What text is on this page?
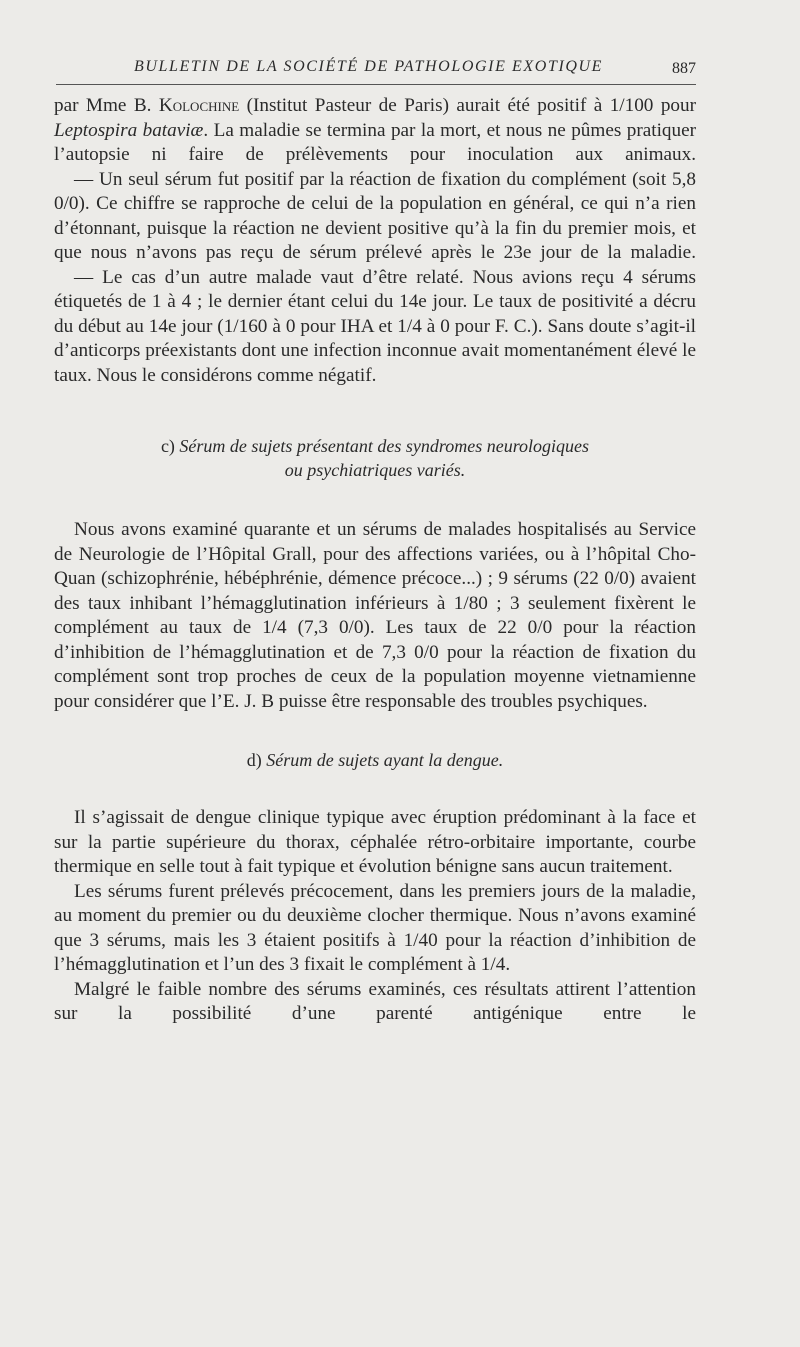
BULLETIN DE LA SOCIÉTÉ DE PATHOLOGIE EXOTIQUE	887

par Mme B. Kolochine (Institut Pasteur de Paris) aurait été positif à 1/100 pour Leptospira bataviæ. La maladie se termina par la mort, et nous ne pûmes pratiquer l’autopsie ni faire de prélèvements pour inoculation aux animaux.

— Un seul sérum fut positif par la réaction de fixation du complément (soit 5,8 0/0). Ce chiffre se rapproche de celui de la population en général, ce qui n’a rien d’étonnant, puisque la réaction ne devient positive qu’à la fin du premier mois, et que nous n’avons pas reçu de sérum prélevé après le 23e jour de la maladie.

— Le cas d’un autre malade vaut d’être relaté. Nous avions reçu 4 sérums étiquetés de 1 à 4 ; le dernier étant celui du 14e jour. Le taux de positivité a décru du début au 14e jour (1/160 à 0 pour IHA et 1/4 à 0 pour F. C.). Sans doute s’agit-il d’anticorps préexistants dont une infection inconnue avait momentanément élevé le taux. Nous le considérons comme négatif.

c) Sérum de sujets présentant des syndromes neurologiques
ou psychiatriques variés.

Nous avons examiné quarante et un sérums de malades hospitalisés au Service de Neurologie de l’Hôpital Grall, pour des affections variées, ou à l’hôpital Cho-Quan (schizophrénie, hébéphrénie, démence précoce...) ; 9 sérums (22 0/0) avaient des taux inhibant l’hémagglutination inférieurs à 1/80 ; 3 seulement fixèrent le complément au taux de 1/4 (7,3 0/0). Les taux de 22 0/0 pour la réaction d’inhibition de l’hémagglutination et de 7,3 0/0 pour la réaction de fixation du complément sont trop proches de ceux de la population moyenne vietnamienne pour considérer que l’E. J. B puisse être responsable des troubles psychiques.

d) Sérum de sujets ayant la dengue.

Il s’agissait de dengue clinique typique avec éruption prédominant à la face et sur la partie supérieure du thorax, céphalée rétro-orbitaire importante, courbe thermique en selle tout à fait typique et évolution bénigne sans aucun traitement.

Les sérums furent prélevés précocement, dans les premiers jours de la maladie, au moment du premier ou du deuxième clocher thermique. Nous n’avons examiné que 3 sérums, mais les 3 étaient positifs à 1/40 pour la réaction d’inhibition de l’hémagglutination et l’un des 3 fixait le complément à 1/4.

Malgré le faible nombre des sérums examinés, ces résultats attirent l’attention sur la possibilité d’une parenté antigénique entre le
